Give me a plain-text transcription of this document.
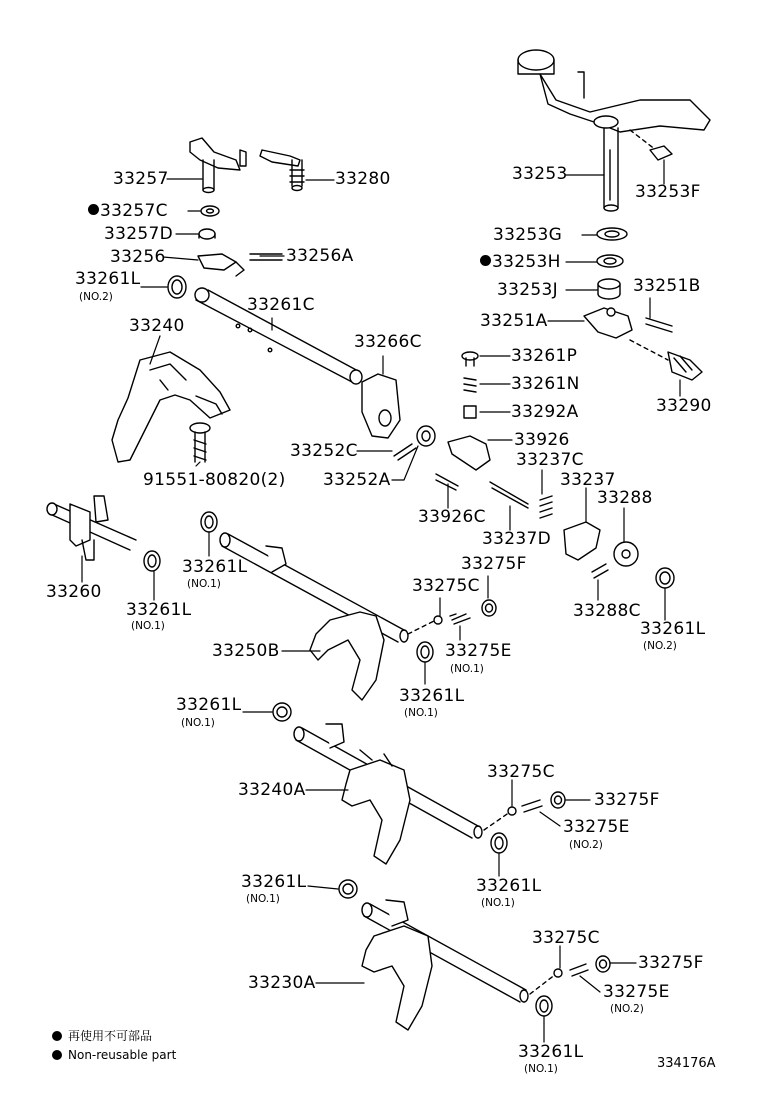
33257	33280
33257C
33257D
33256	33256A
33261L
(NO.2)	33261C
33240
33266C
33252C
33252A
91551-80820(2)
33253
33253F
33253G
33253H
33253J	33251B
33251A
33261P
33261N
33292A	33290
33926
33237C
33237
33288
33926C
33237D
33260
33261L
(NO.1)
33261L
(NO.1)	33275C
33275F
33250B	33275E
(NO.1)
33261L
(NO.1)
33288C
33261L
(NO.2)
33261L
(NO.1)
33240A
33275C
33275F
33275E
(NO.2)
33261L
(NO.1)
33261L
(NO.1)
33275C
33275F
33230A	33275E
(NO.2)
33261L
(NO.1)
再使用不可部品
Non-reusable part
334176A
